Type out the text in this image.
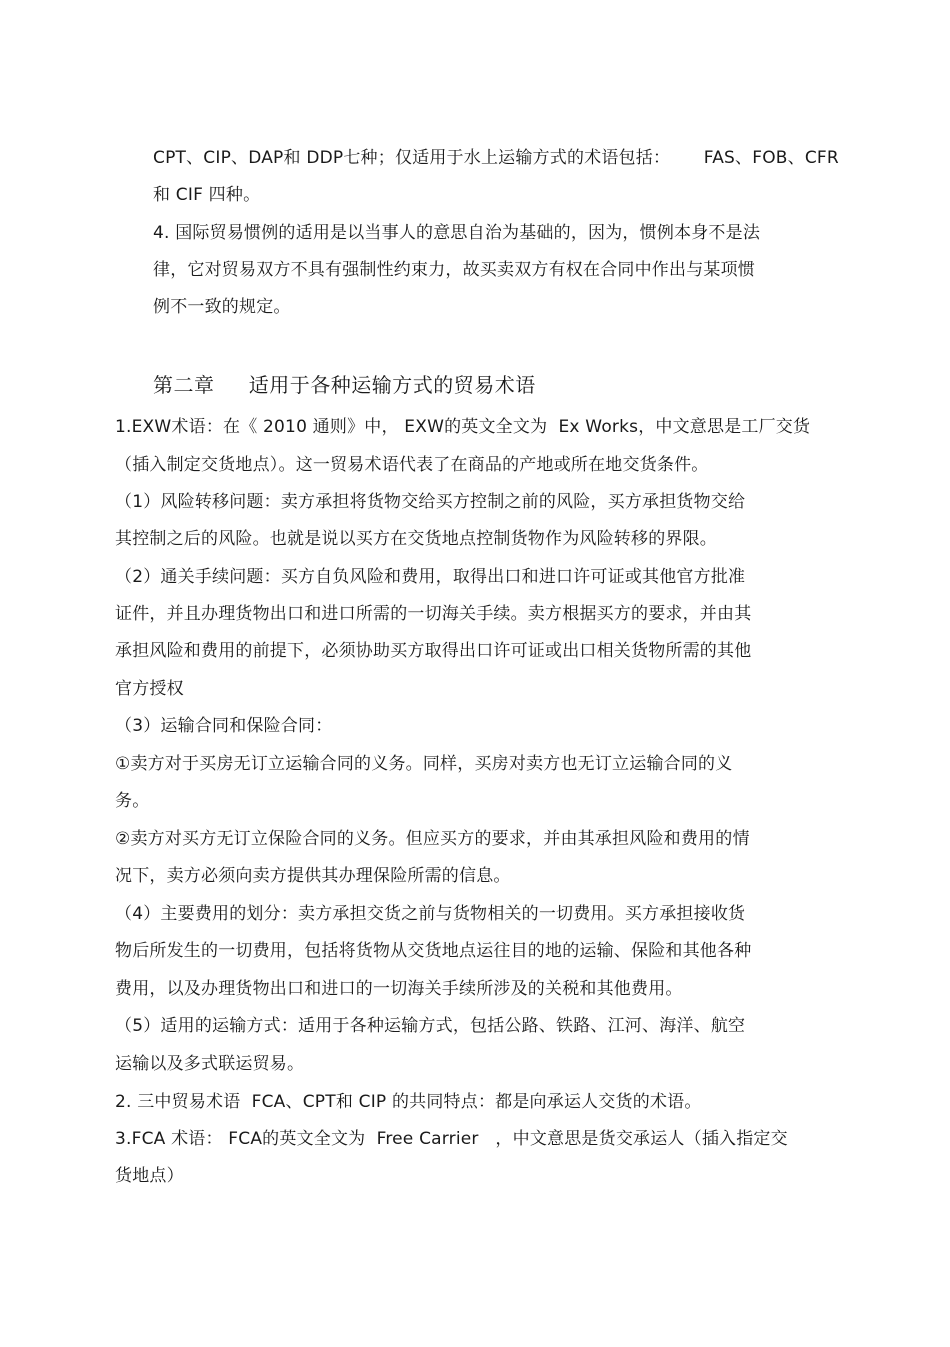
CPT、CIP、DAP和 DDP七种；仅适用于水上运输方式的术语包括：      FAS、FOB、CFR
和 CIF 四种。
4. 国际贸易惯例的适用是以当事人的意思自治为基础的，因为，惯例本身不是法
律，它对贸易双方不具有强制性约束力，故买卖双方有权在合同中作出与某项惯
例不一致的规定。
第二章     适用于各种运输方式的贸易术语
1.EXW术语：在《 2010 通则》中， EXW的英文全文为  Ex Works，中文意思是工厂交货
（插入制定交货地点）。这一贸易术语代表了在商品的产地或所在地交货条件。
（1）风险转移问题：卖方承担将货物交给买方控制之前的风险，买方承担货物交给
其控制之后的风险。也就是说以买方在交货地点控制货物作为风险转移的界限。
（2）通关手续问题：买方自负风险和费用，取得出口和进口许可证或其他官方批准
证件，并且办理货物出口和进口所需的一切海关手续。卖方根据买方的要求，并由其
承担风险和费用的前提下，必须协助买方取得出口许可证或出口相关货物所需的其他
官方授权
（3）运输合同和保险合同：
①卖方对于买房无订立运输合同的义务。同样，买房对卖方也无订立运输合同的义
务。
②卖方对买方无订立保险合同的义务。但应买方的要求，并由其承担风险和费用的情
况下，卖方必须向卖方提供其办理保险所需的信息。
（4）主要费用的划分：卖方承担交货之前与货物相关的一切费用。买方承担接收货
物后所发生的一切费用，包括将货物从交货地点运往目的地的运输、保险和其他各种
费用，以及办理货物出口和进口的一切海关手续所涉及的关税和其他费用。
（5）适用的运输方式：适用于各种运输方式，包括公路、铁路、江河、海洋、航空
运输以及多式联运贸易。
2. 三中贸易术语  FCA、CPT和 CIP 的共同特点：都是向承运人交货的术语。
3.FCA 术语： FCA的英文全文为  Free Carrier   ，中文意思是货交承运人（插入指定交
货地点）
